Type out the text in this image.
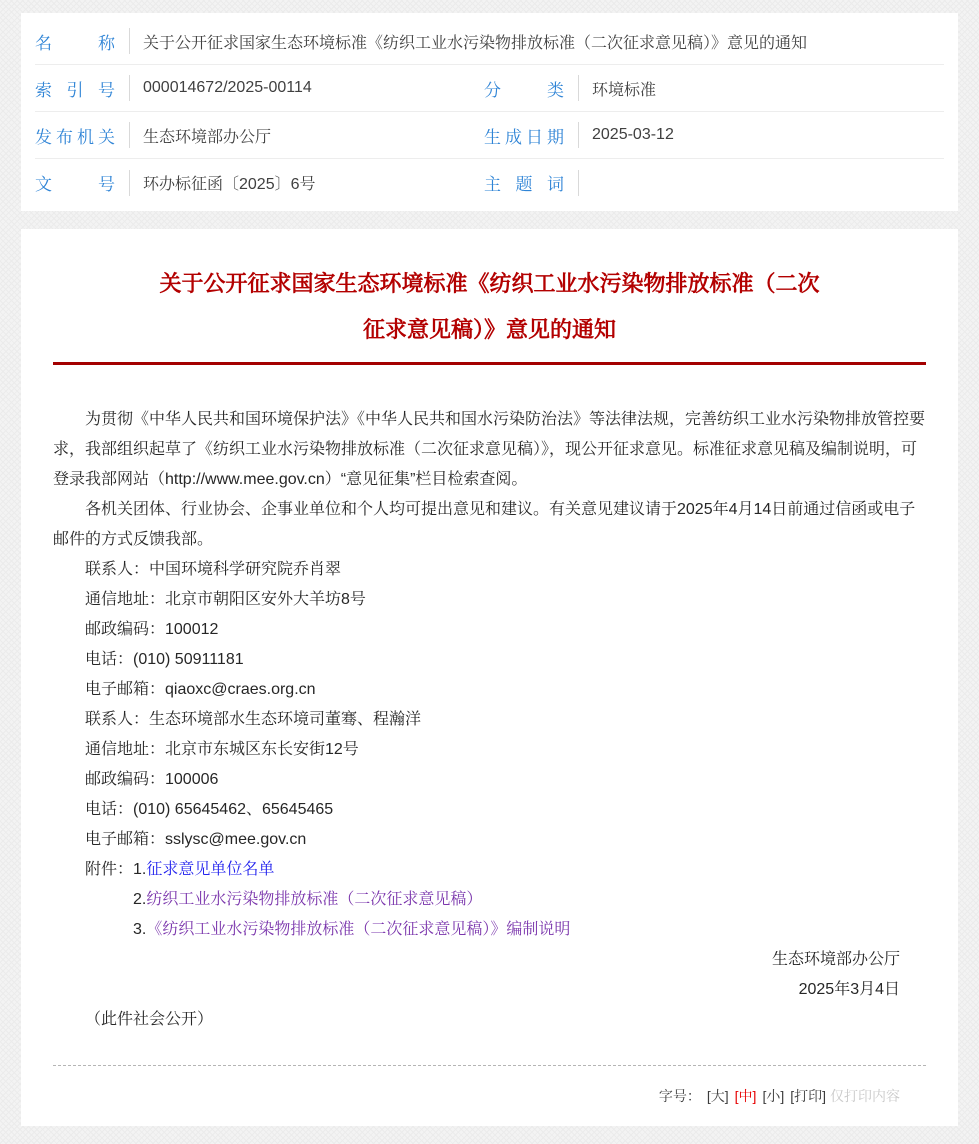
名称 关于公开征求国家生态环境标准《纺织工业水污染物排放标准（二次征求意见稿）》意见的通知
索引号 000014672/2025-00114	分类 环境标准
发布机关 生态环境部办公厅	生成日期 2025-03-12
文号 环办标征函〔2025〕6号	主题词
关于公开征求国家生态环境标准《纺织工业水污染物排放标准（二次
征求意见稿）》意见的通知

为贯彻《中华人民共和国环境保护法》《中华人民共和国水污染防治法》等法律法规，完善纺织工业水污染物排放管控要求，我部组织起草了《纺织工业水污染物排放标准（二次征求意见稿）》，现公开征求意见。标准征求意见稿及编制说明，可登录我部网站（http://www.mee.gov.cn）“意见征集”栏目检索查阅。

各机关团体、行业协会、企事业单位和个人均可提出意见和建议。有关意见建议请于2025年4月14日前通过信函或电子邮件的方式反馈我部。

联系人：中国环境科学研究院乔肖翠
通信地址：北京市朝阳区安外大羊坊8号
邮政编码：100012
电话：(010) 50911181
电子邮箱：qiaoxc@craes.org.cn
联系人：生态环境部水生态环境司董骞、程瀚洋
通信地址：北京市东城区东长安街12号
邮政编码：100006
电话：(010) 65645462、65645465
电子邮箱：sslysc@mee.gov.cn
附件：1.征求意见单位名单
2.纺织工业水污染物排放标准（二次征求意见稿）
3.《纺织工业水污染物排放标准（二次征求意见稿）》编制说明
生态环境部办公厅
2025年3月4日
（此件社会公开）
字号： [大] [中] [小] [打印] 仅打印内容
